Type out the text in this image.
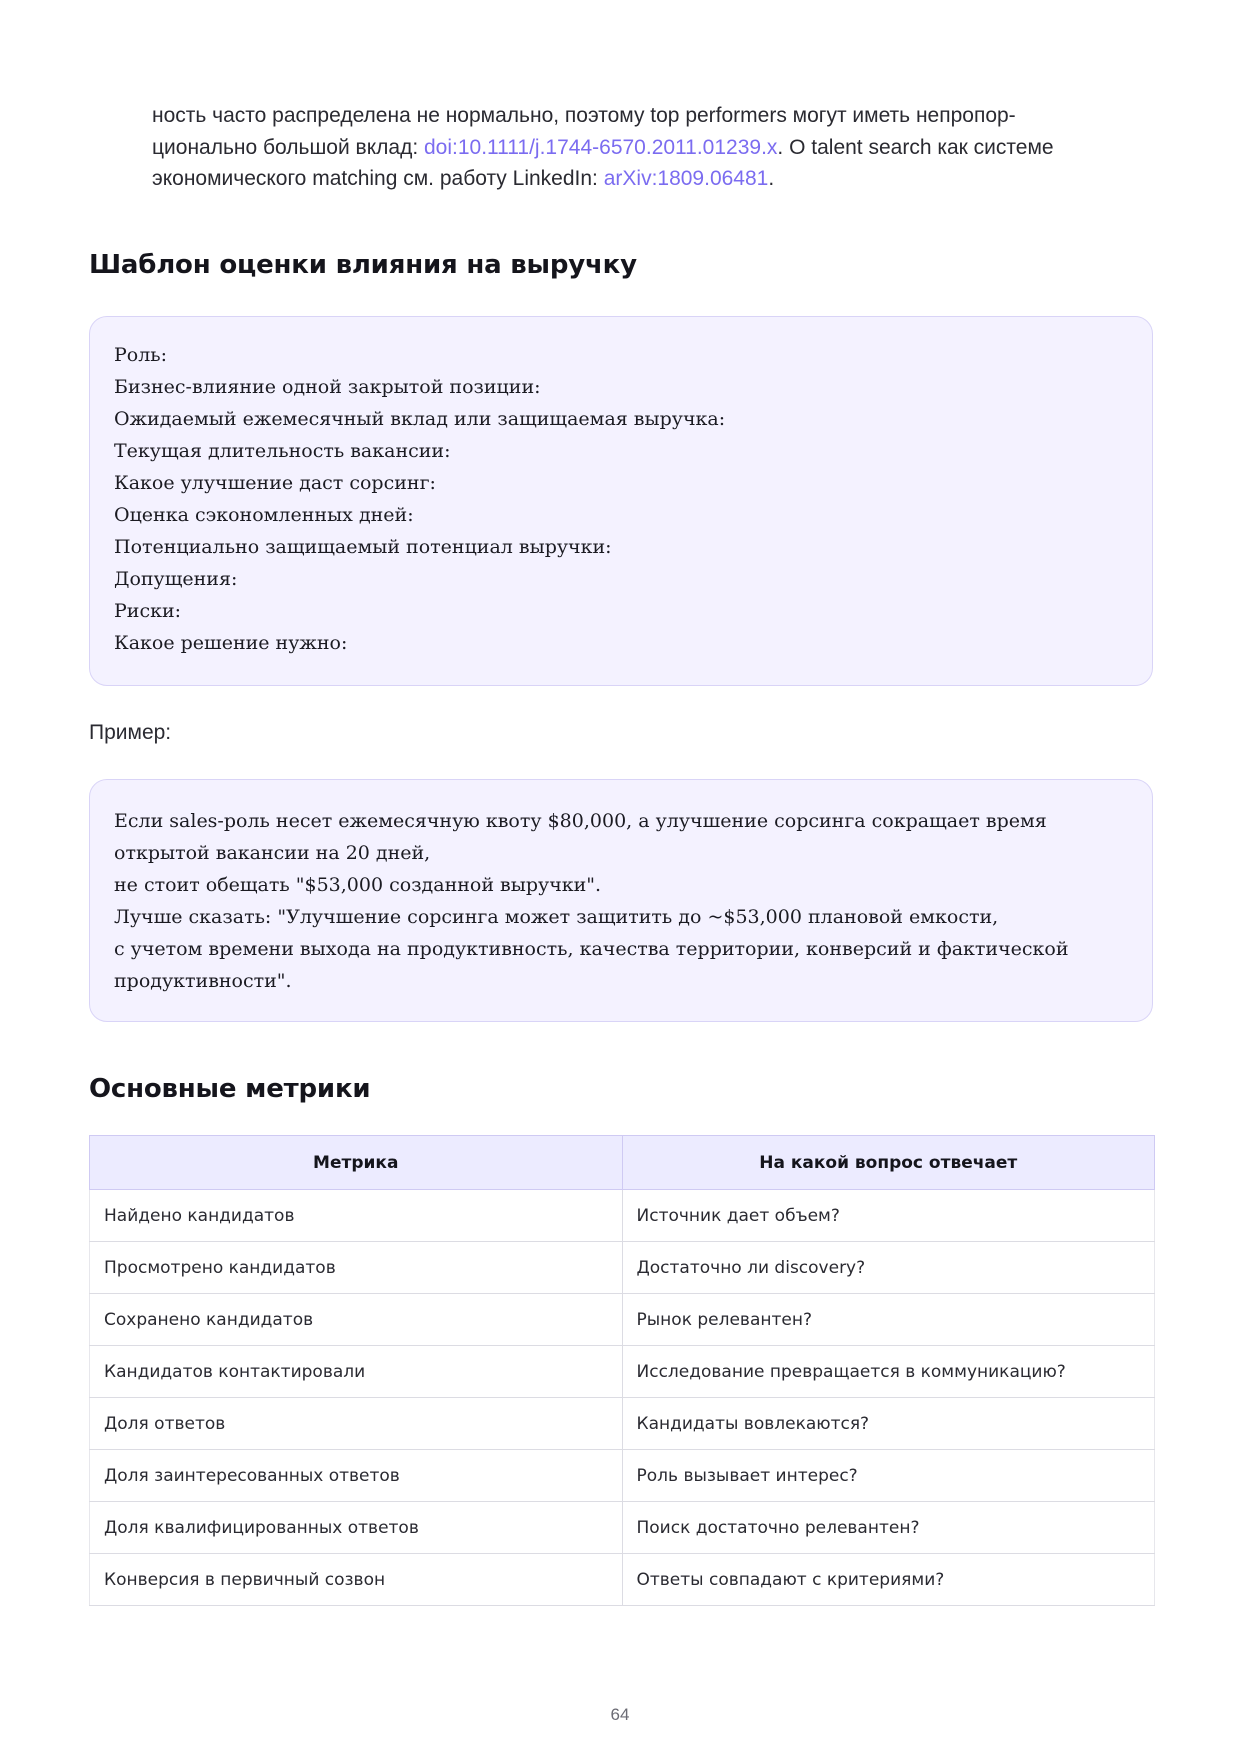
ность часто распределена не нормально, поэтому top performers могут иметь непропор-циональнo большой вклад: doi:10.1111/j.1744-6570.2011.01239.x. О talent search как системе экономического matching см. работу LinkedIn: arXiv:1809.06481.

Шаблон оценки влияния на выручку
Роль:
Бизнес-влияние одной закрытой позиции:
Ожидаемый ежемесячный вклад или защищаемая выручка:
Текущая длительность вакансии:
Какое улучшение даст сорсинг:
Оценка сэкономленных дней:
Потенциально защищаемый потенциал выручки:
Допущения:
Риски:
Какое решение нужно:

Пример:

Если sales-роль несет ежемесячную квоту $80,000, а улучшение сорсинга сокращает время открытой вакансии на 20 дней,
не стоит обещать "$53,000 созданной выручки".
Лучше сказать: "Улучшение сорсинга может защитить до ~$53,000 плановой емкости,
с учетом времени выхода на продуктивность, качества территории, конверсий и фактической продуктивности".
Основные метрики
Метрика	На какой вопрос отвечает
Найдено кандидатов	Источник дает объем?
Просмотрено кандидатов	Достаточно ли discovery?
Сохранено кандидатов	Рынок релевантен?
Кандидатов контактировали	Исследование превращается в коммуникацию?
Доля ответов	Кандидаты вовлекаются?
Доля заинтересованных ответов	Роль вызывает интерес?
Доля квалифицированных ответов	Поиск достаточно релевантен?
Конверсия в первичный созвон	Ответы совпадают с критериями?
64
